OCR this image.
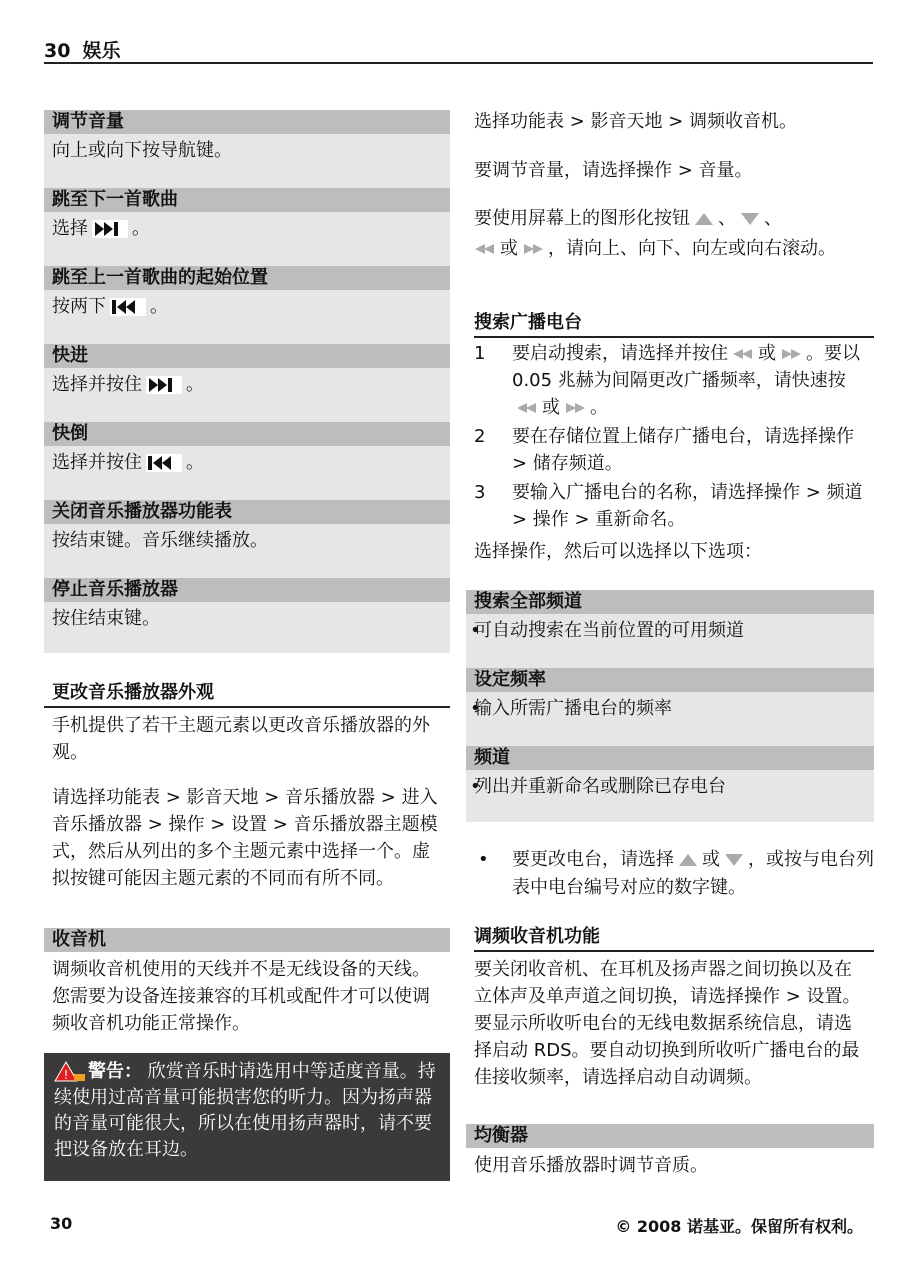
30 娱乐
调节音量
向上或向下按导航键。
跳至下一首歌曲
选择 。
跳至上一首歌曲的起始位置
按两下 。
快进
选择并按住 。
快倒
选择并按住 。
关闭音乐播放器功能表
按结束键。音乐继续播放。
停止音乐播放器
按住结束键。
更改音乐播放器外观
手机提供了若干主题元素以更改音乐播放器的外观。
请选择功能表 > 影音天地 > 音乐播放器 > 进入音乐播放器 > 操作 > 设置 > 音乐播放器主题模式，然后从列出的多个主题元素中选择一个。虚拟按键可能因主题元素的不同而有所不同。
收音机
调频收音机使用的天线并不是无线设备的天线。您需要为设备连接兼容的耳机或配件才可以使调频收音机功能正常操作。
! 警告： 欣赏音乐时请选用中等适度音量。持续使用过高音量可能损害您的听力。因为扬声器的音量可能很大，所以在使用扬声器时，请不要把设备放在耳边。
选择功能表 > 影音天地 > 调频收音机。
要调节音量，请选择操作 > 音量。
要使用屏幕上的图形化按钮 、 、

或 ，请向上、向下、向左或向右滚动。
搜索广播电台
1 要启动搜索，请选择并按住 或 。要以 0.05 兆赫为间隔更改广播频率，请快速按
或 。
2 要在存储位置上储存广播电台，请选择操作 > 储存频道。
3 要输入广播电台的名称，请选择操作 > 频道 > 操作 > 重新命名。
选择操作，然后可以选择以下选项：
搜索全部频道
• 可自动搜索在当前位置的可用频道
设定频率
• 输入所需广播电台的频率
频道
• 列出并重新命名或删除已存电台
• 要更改电台，请选择 或 ，或按与电台列表中电台编号对应的数字键。
调频收音机功能
要关闭收音机、在耳机及扬声器之间切换以及在立体声及单声道之间切换，请选择操作 > 设置。要显示所收听电台的无线电数据系统信息，请选择启动 RDS。要自动切换到所收听广播电台的最佳接收频率，请选择启动自动调频。
均衡器
使用音乐播放器时调节音质。
30	© 2008 诺基亚。保留所有权利。
